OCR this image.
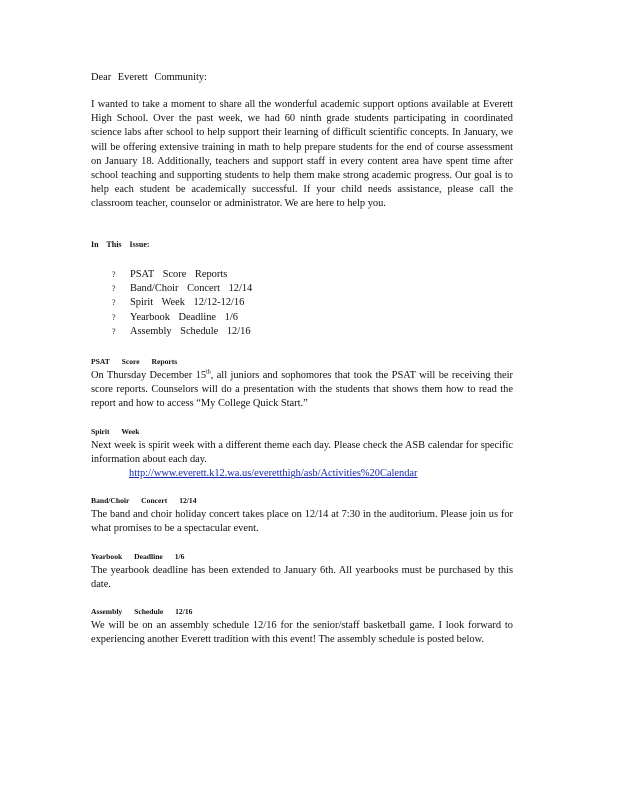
Dear Everett Community:
I wanted to take a moment to share all the wonderful academic support options available at Everett High School. Over the past week, we had 60 ninth grade students participating in coordinated science labs after school to help support their learning of difficult scientific concepts. In January, we will be offering extensive training in math to help prepare students for the end of course assessment on January 18. Additionally, teachers and support staff in every content area have spent time after school teaching and supporting students to help them make strong academic progress. Our goal is to help each student be academically successful. If your child needs assistance, please call the classroom teacher, counselor or administrator. We are here to help you.
In This Issue:
?	PSAT Score Reports
?	Band/Choir Concert 12/14
?	Spirit Week 12/12-12/16
?	Yearbook Deadline 1/6
?	Assembly Schedule 12/16
PSAT Score Reports
On Thursday December 15th, all juniors and sophomores that took the PSAT will be receiving their score reports. Counselors will do a presentation with the students that shows them how to read the report and how to access “My College Quick Start.”
Spirit Week
Next week is spirit week with a different theme each day. Please check the ASB calendar for specific information about each day.
http://www.everett.k12.wa.us/everetthigh/asb/Activities%20Calendar
Band/Choir Concert 12/14
The band and choir holiday concert takes place on 12/14 at 7:30 in the auditorium. Please join us for what promises to be a spectacular event.
Yearbook Deadline 1/6
The yearbook deadline has been extended to January 6th. All yearbooks must be purchased by this date.
Assembly Schedule 12/16
We will be on an assembly schedule 12/16 for the senior/staff basketball game. I look forward to experiencing another Everett tradition with this event! The assembly schedule is posted below.
